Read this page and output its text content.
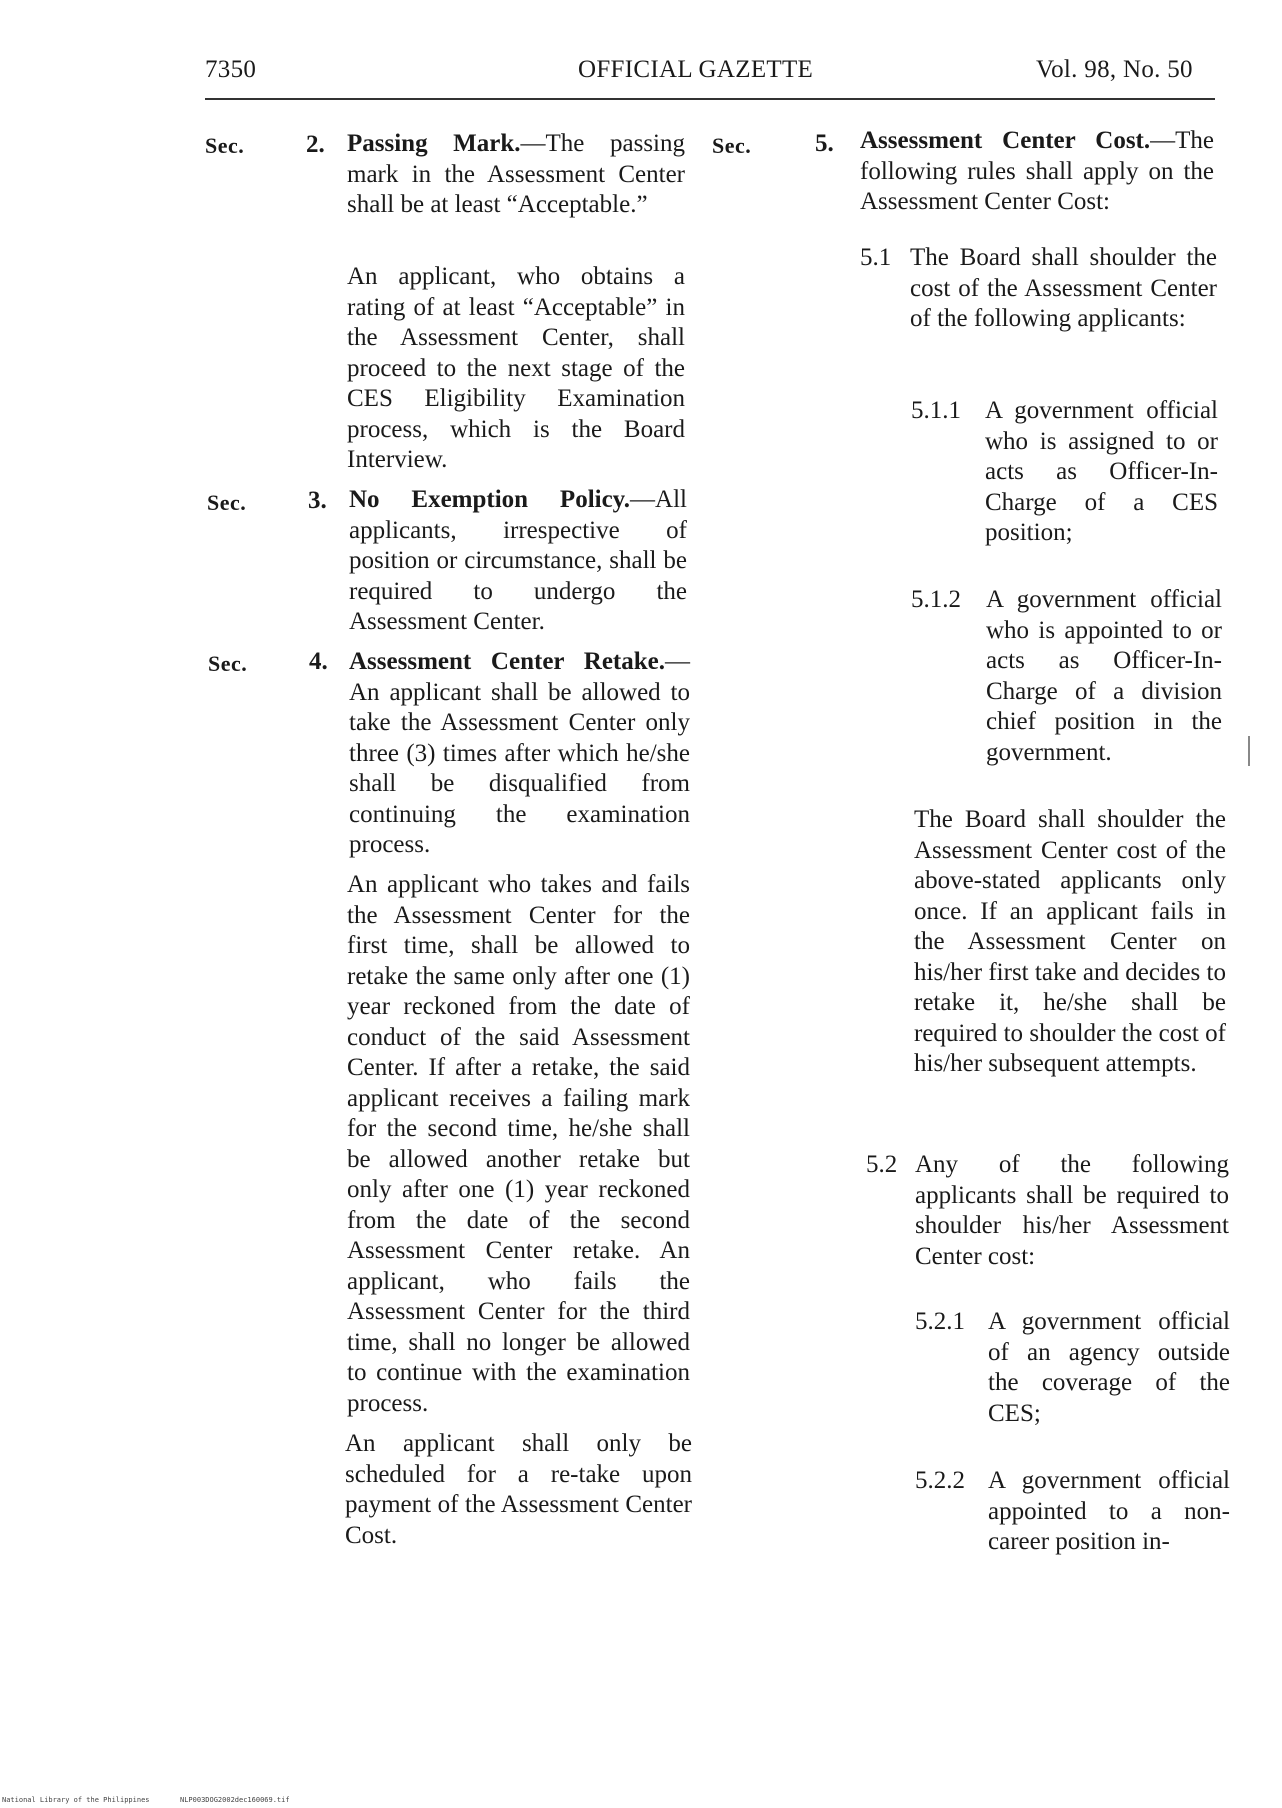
7350	OFFICIAL GAZETTE	Vol. 98, No. 50
Sec. 2. Passing Mark.—The passing mark in the Assessment Center shall be at least “Acceptable.”

An applicant, who obtains a rating of at least “Acceptable” in the Assessment Center, shall proceed to the next stage of the CES Eligibility Examination process, which is the Board Interview.

Sec. 3. No Exemption Policy.—All applicants, irrespective of position or circumstance, shall be required to undergo the Assessment Center.

Sec. 4. Assessment Center Retake.—An applicant shall be allowed to take the Assessment Center only three (3) times after which he/she shall be disqualified from continuing the examination process.

An applicant who takes and fails the Assessment Center for the first time, shall be allowed to retake the same only after one (1) year reckoned from the date of conduct of the said Assessment Center. If after a retake, the said applicant receives a failing mark for the second time, he/she shall be allowed another retake but only after one (1) year reckoned from the date of the second Assessment Center retake. An applicant, who fails the Assessment Center for the third time, shall no longer be allowed to continue with the examination process.

An applicant shall only be scheduled for a re-take upon payment of the Assessment Center Cost.

Sec.	5. Assessment Center Cost.—The following rules shall apply on the Assessment Center Cost:

5.1 The Board shall shoulder the cost of the Assessment Center of the following applicants:

5.1.1 A government official who is assigned to or acts as Officer-In-Charge of a CES position;

5.1.2 A government official who is appointed to or acts as Officer-In-Charge of a division chief position in the government.

The Board shall shoulder the Assessment Center cost of the above-stated applicants only once. If an applicant fails in the Assessment Center on his/her first take and decides to retake it, he/she shall be required to shoulder the cost of his/her subsequent attempts.

5.2 Any of the following applicants shall be required to shoulder his/her Assessment Center cost:

5.2.1 A government official of an agency outside the coverage of the CES;

5.2.2 A government official appointed to a non-career position in-

National Library of the Philippines	NLP003DOG2002dec160069.tif
